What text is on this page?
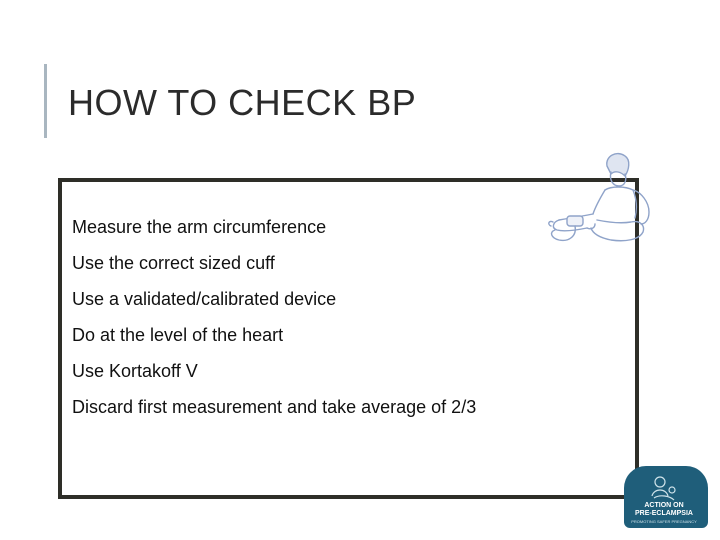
HOW TO CHECK BP
Measure the arm circumference
Use the correct sized cuff
Use a validated/calibrated device
Do at the level of the heart
Use Kortakoff V
Discard first measurement and take average of 2/3
ACTION ON
PRE-ECLAMPSIA
PROMOTING SAFER PREGNANCY
